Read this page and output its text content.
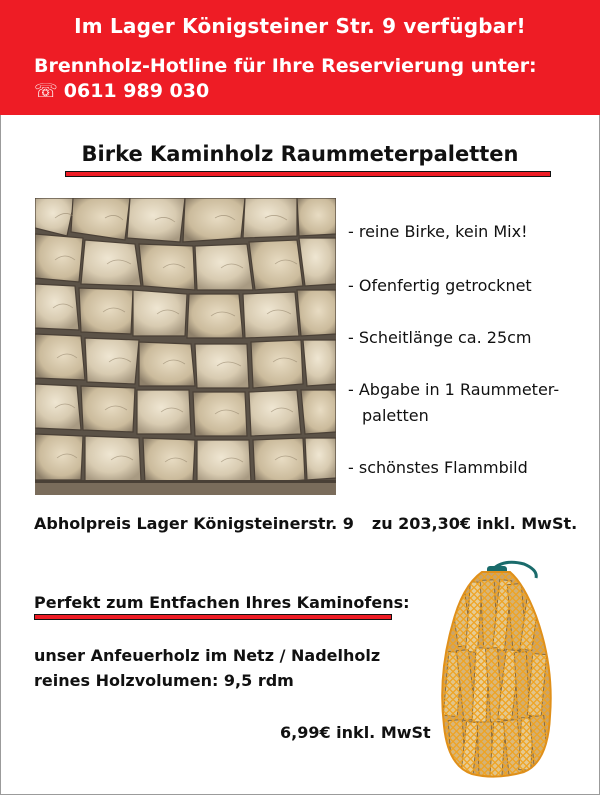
Im Lager Königsteiner Str. 9 verfügbar!
Brennholz-Hotline für Ihre Reservierung unter:
☏ 0611 989 030
Birke Kaminholz Raummeterpaletten
- reine Birke, kein Mix!
- Ofenfertig getrocknet
- Scheitlänge ca. 25cm
- Abgabe in 1 Raummeter-
paletten
- schönstes Flammbild
Abholpreis Lager Königsteinerstr. 9 zu 203,30€ inkl. MwSt.
Perfekt zum Entfachen Ihres Kaminofens:
unser Anfeuerholz im Netz / Nadelholz
reines Holzvolumen: 9,5 rdm
6,99€ inkl. MwSt
